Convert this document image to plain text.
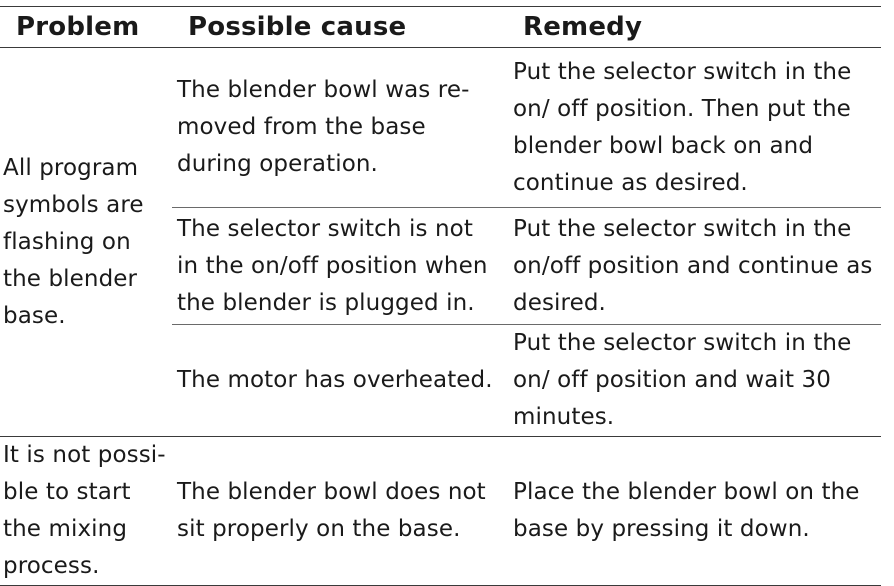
Problem	Possible cause	Remedy
All program symbols are flashing on the blender base.	The blender bowl was re- moved from the base during operation.	Put the selector switch in the on/ off position. Then put the blender bowl back on and continue as desired.
	The selector switch is not in the on/off position when the blender is plugged in.	Put the selector switch in the on/off position and continue as desired.
	The motor has overheated.	Put the selector switch in the on/ off position and wait 30 minutes.
It is not possi- ble to start the mixing process.	The blender bowl does not sit properly on the base.	Place the blender bowl on the base by pressing it down.
